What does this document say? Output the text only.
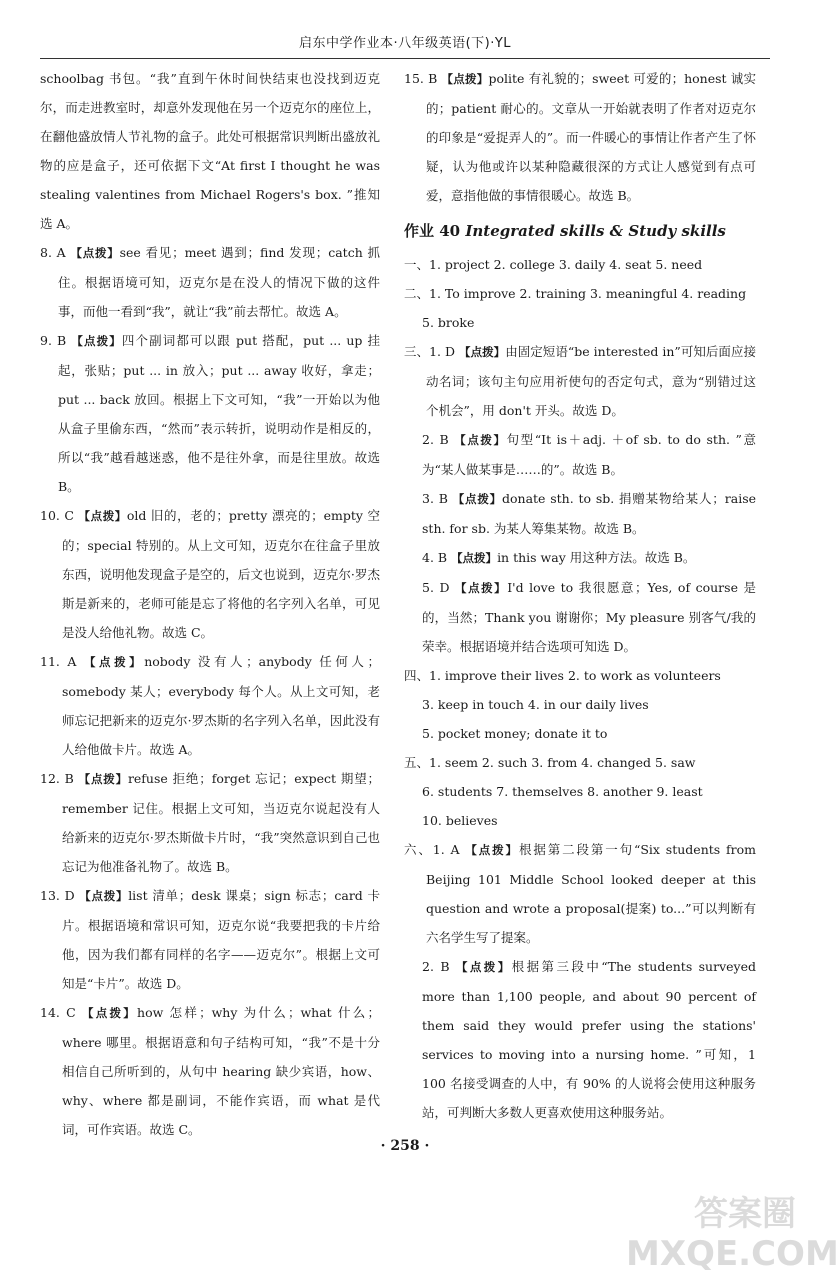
启东中学作业本·八年级英语(下)·YL

schoolbag 书包。“我”直到午休时间快结束也没找到迈克尔，而走进教室时，却意外发现他在另一个迈克尔的座位上，在翻他盛放情人节礼物的盒子。此处可根据常识判断出盛放礼物的应是盒子，还可依据下文“At first I thought he was stealing valentines from Michael Rogers's box. ”推知选 A。

8. A 【点拨】see 看见；meet 遇到；find 发现；catch 抓住。根据语境可知，迈克尔是在没人的情况下做的这件事，而他一看到“我”，就让“我”前去帮忙。故选 A。

9. B 【点拨】四个副词都可以跟 put 搭配，put ... up 挂起，张贴；put ... in 放入；put ... away 收好，拿走；put ... back 放回。根据上下文可知，“我”一开始以为他从盒子里偷东西，“然而”表示转折，说明动作是相反的，所以“我”越看越迷惑，他不是往外拿，而是往里放。故选 B。

10. C 【点拨】old 旧的，老的；pretty 漂亮的；empty 空的；special 特别的。从上文可知，迈克尔在往盒子里放东西，说明他发现盒子是空的，后文也说到，迈克尔·罗杰斯是新来的，老师可能是忘了将他的名字列入名单，可见是没人给他礼物。故选 C。

11. A 【点拨】nobody 没有人；anybody 任何人；somebody 某人；everybody 每个人。从上文可知，老师忘记把新来的迈克尔·罗杰斯的名字列入名单，因此没有人给他做卡片。故选 A。

12. B 【点拨】refuse 拒绝；forget 忘记；expect 期望；remember 记住。根据上文可知，当迈克尔说起没有人给新来的迈克尔·罗杰斯做卡片时，“我”突然意识到自己也忘记为他准备礼物了。故选 B。

13. D 【点拨】list 清单；desk 课桌；sign 标志；card 卡片。根据语境和常识可知，迈克尔说“我要把我的卡片给他，因为我们都有同样的名字——迈克尔”。根据上文可知是“卡片”。故选 D。

14. C 【点拨】how 怎样；why 为什么；what 什么；where 哪里。根据语意和句子结构可知，“我”不是十分相信自己所听到的，从句中 hearing 缺少宾语，how、why、where 都是副词，不能作宾语，而 what 是代词，可作宾语。故选 C。

15. B 【点拨】polite 有礼貌的；sweet 可爱的；honest 诚实的；patient 耐心的。文章从一开始就表明了作者对迈克尔的印象是“爱捉弄人的”。而一件暖心的事情让作者产生了怀疑，认为他或许以某种隐藏很深的方式让人感觉到有点可爱，意指他做的事情很暖心。故选 B。

作业 40 Integrated skills & Study skills

一、1. project 2. college 3. daily 4. seat 5. need

二、1. To improve 2. training 3. meaningful 4. reading

5. broke

三、1. D 【点拨】由固定短语“be interested in”可知后面应接动名词；该句主句应用祈使句的否定句式，意为“别错过这个机会”，用 don't 开头。故选 D。

2. B 【点拨】句型“It is＋adj. ＋of sb. to do sth. ”意为“某人做某事是……的”。故选 B。

3. B 【点拨】donate sth. to sb. 捐赠某物给某人；raise sth. for sb. 为某人筹集某物。故选 B。

4. B 【点拨】in this way 用这种方法。故选 B。

5. D 【点拨】I'd love to 我很愿意；Yes, of course 是的，当然；Thank you 谢谢你；My pleasure 别客气/我的荣幸。根据语境并结合选项可知选 D。

四、1. improve their lives 2. to work as volunteers

3. keep in touch 4. in our daily lives

5. pocket money; donate it to

五、1. seem 2. such 3. from 4. changed 5. saw

6. students 7. themselves 8. another 9. least

10. believes

六、1. A 【点拨】根据第二段第一句“Six students from Beijing 101 Middle School looked deeper at this question and wrote a proposal(提案) to...”可以判断有六名学生写了提案。

2. B 【点拨】根据第三段中“The students surveyed more than 1,100 people, and about 90 percent of them said they would prefer using the stations' services to moving into a nursing home. ”可知，1 100 名接受调查的人中，有 90% 的人说将会使用这种服务站，可判断大多数人更喜欢使用这种服务站。

· 258 ·
答案圈 MXQE.COM
